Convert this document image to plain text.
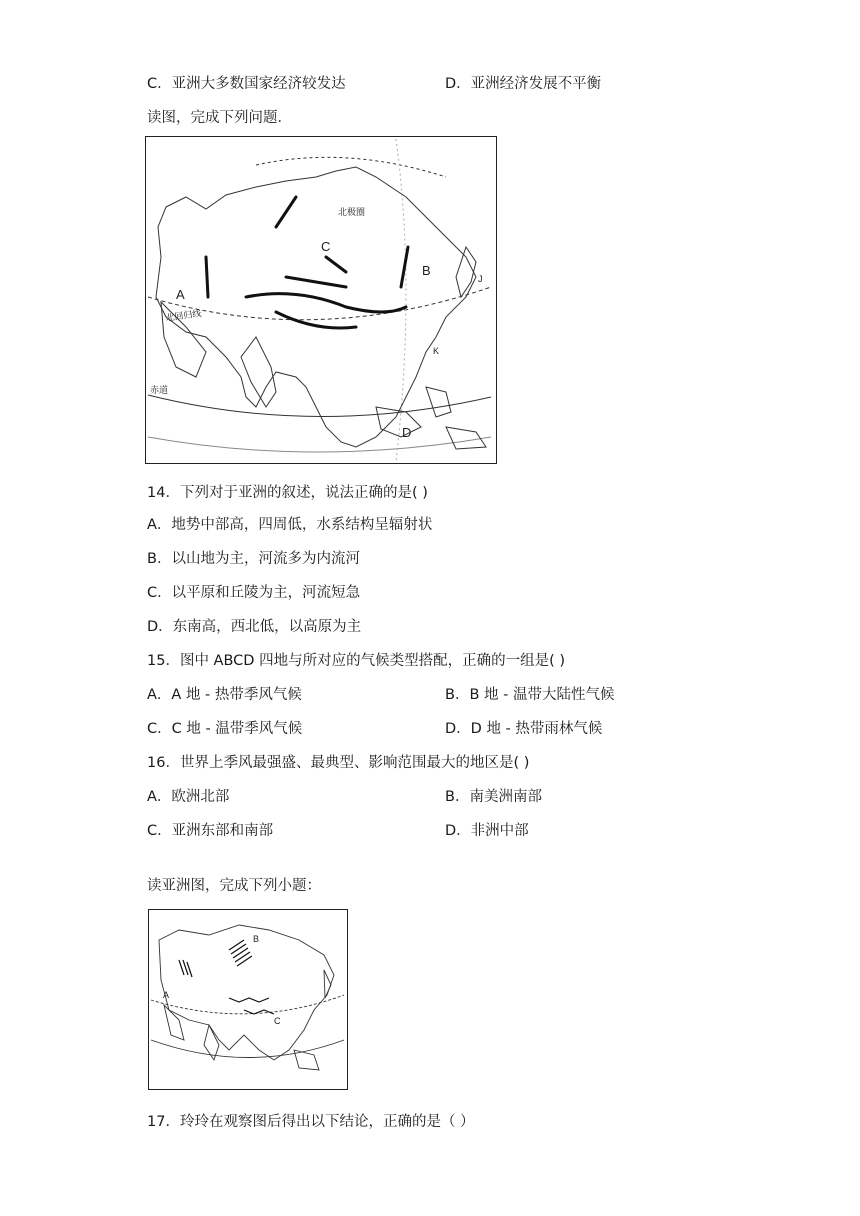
C．亚洲大多数国家经济较发达	D．亚洲经济发展不平衡
读图，完成下列问题．
北极圈
北回归线
赤道
A
B
C
D
J
K
14．下列对于亚洲的叙述，说法正确的是( )
A．地势中部高，四周低，水系结构呈辐射状
B．以山地为主，河流多为内流河
C．以平原和丘陵为主，河流短急
D．东南高，西北低，以高原为主
15．图中 ABCD 四地与所对应的气候类型搭配，正确的一组是( )
A．A 地 - 热带季风气候	B．B 地 - 温带大陆性气候
C．C 地 - 温带季风气候	D．D 地 - 热带雨林气候
16．世界上季风最强盛、最典型、影响范围最大的地区是( )
A．欧洲北部	B．南美洲南部
C．亚洲东部和南部	D．非洲中部
读亚洲图，完成下列小题：
A
B
C
17．玲玲在观察图后得出以下结论，正确的是（ ）
